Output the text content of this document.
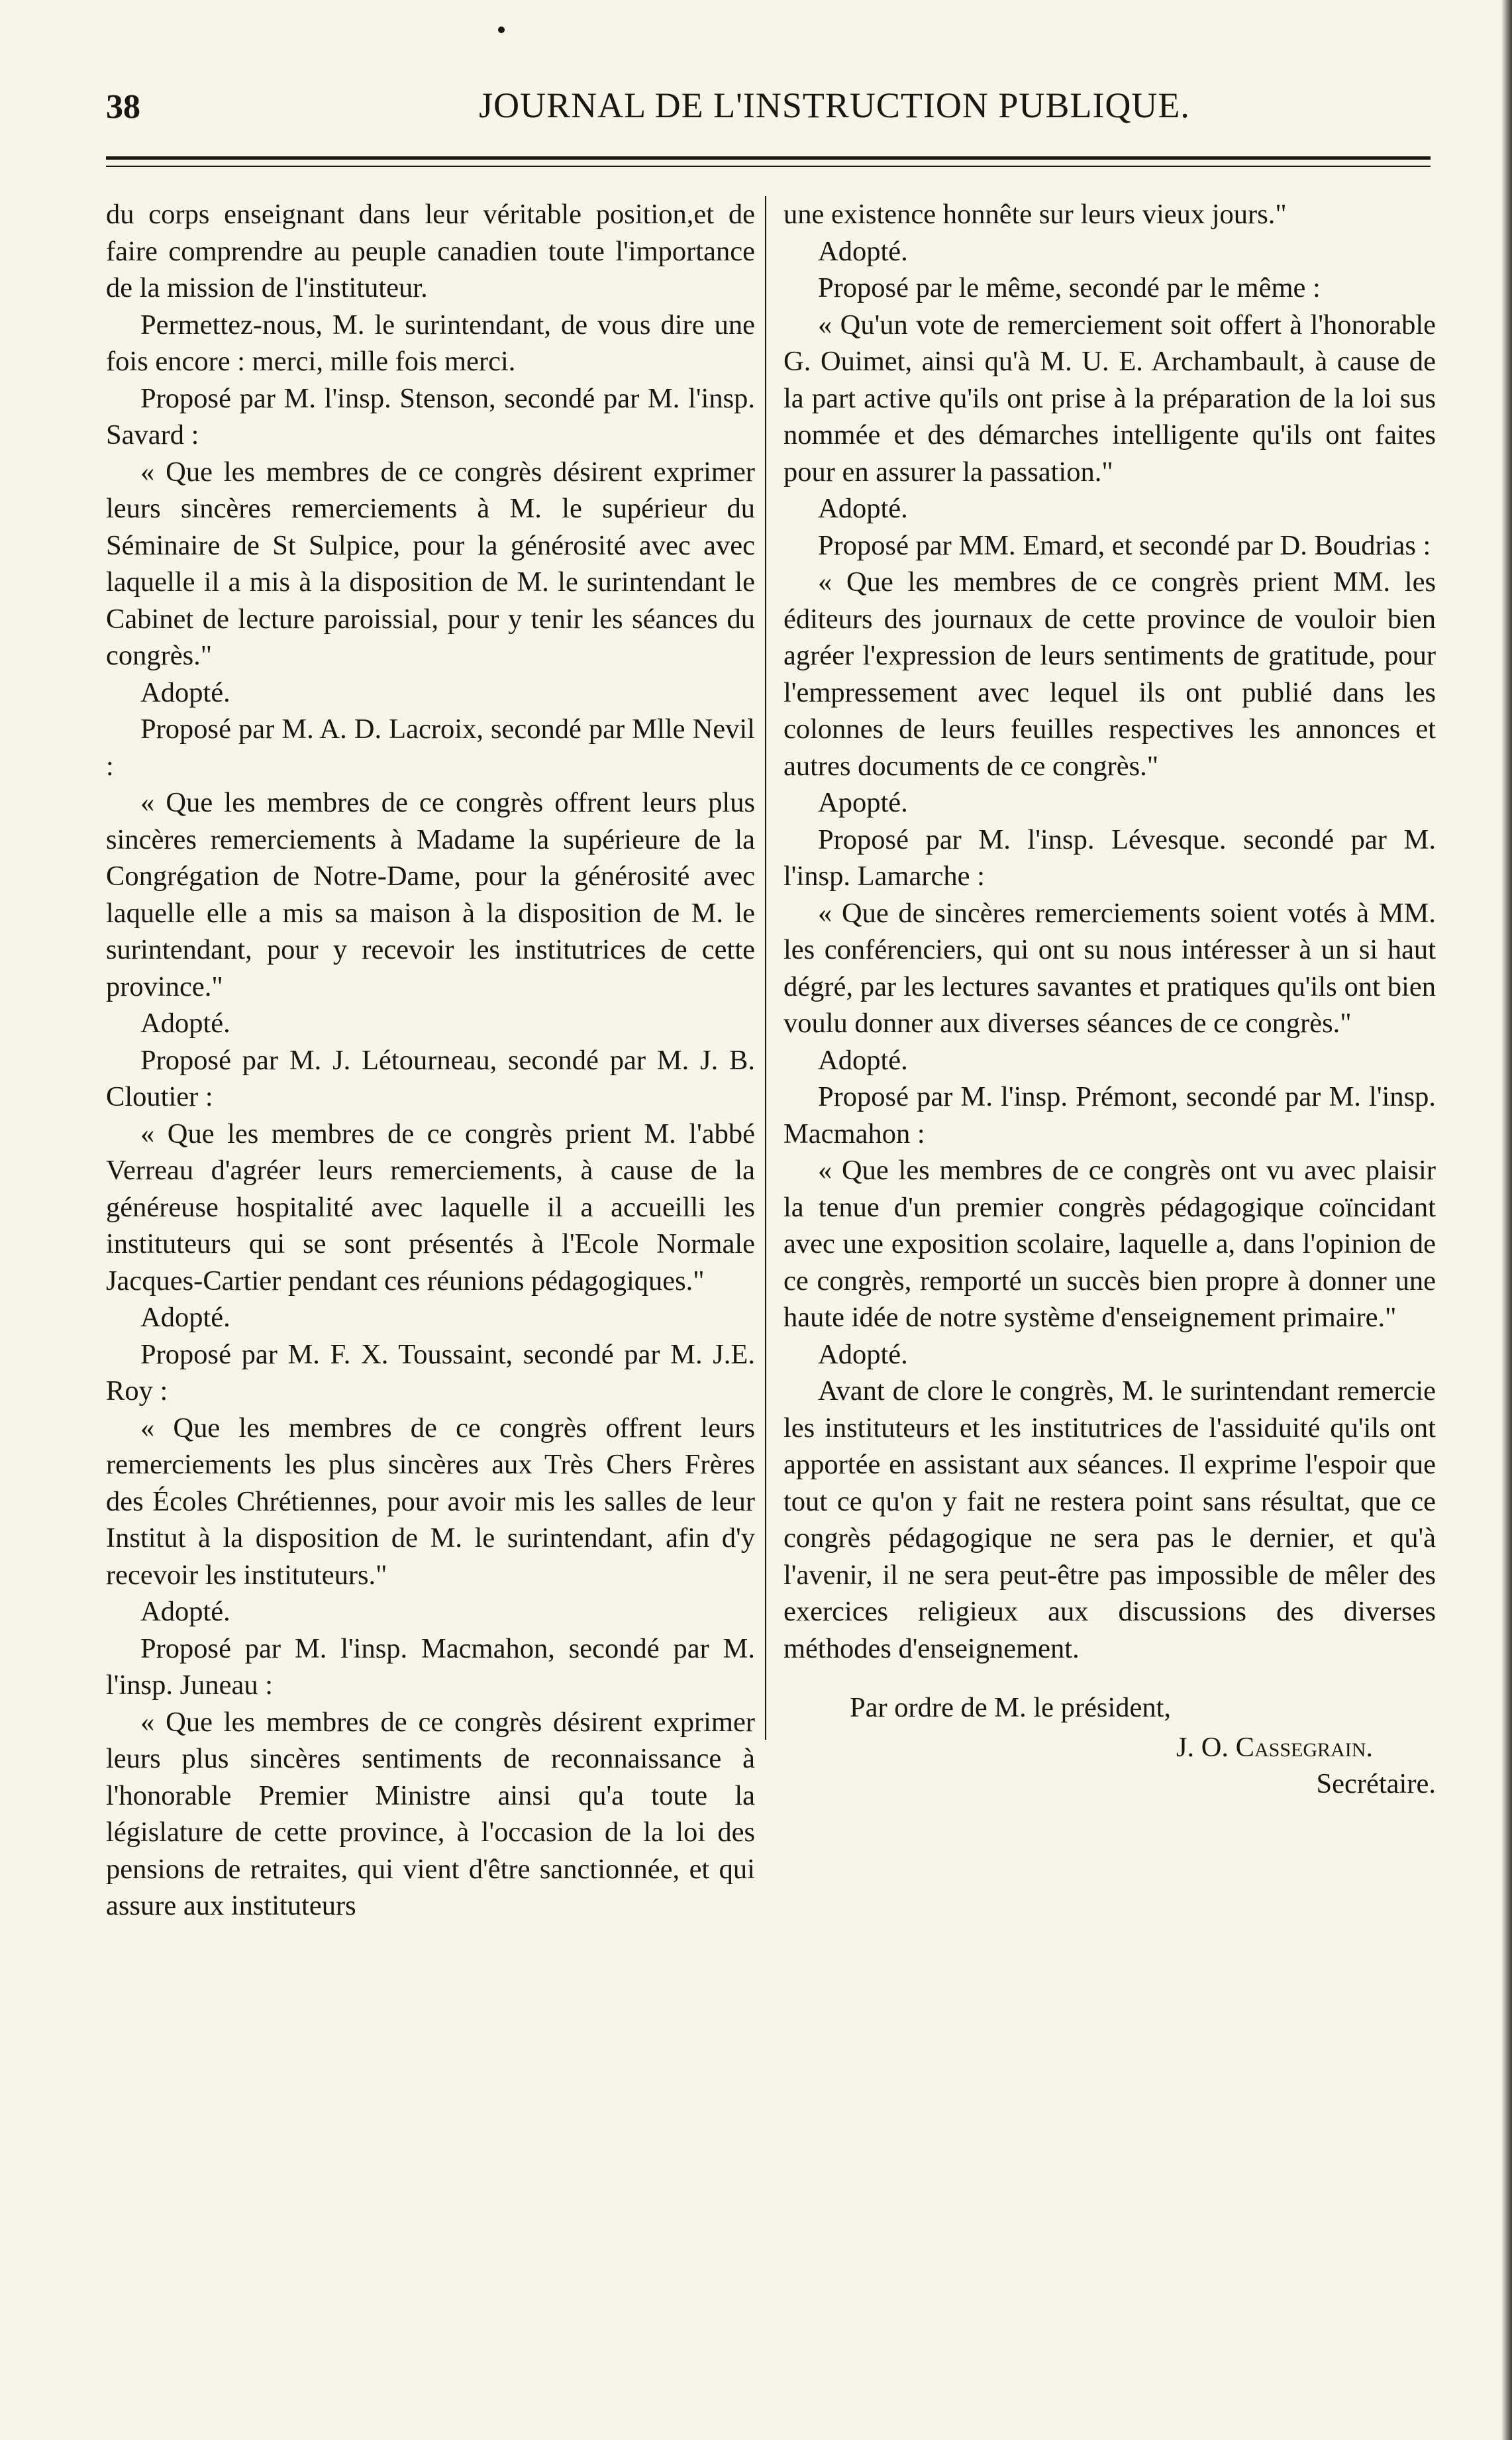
38	JOURNAL DE L'INSTRUCTION PUBLIQUE.

du corps enseignant dans leur véritable position,et de faire comprendre au peuple canadien toute l'importance de la mission de l'instituteur.

Permettez-nous, M. le surintendant, de vous dire une fois encore : merci, mille fois merci.

Proposé par M. l'insp. Stenson, secondé par M. l'insp. Savard :

« Que les membres de ce congrès désirent exprimer leurs sincères remerciements à M. le supérieur du Séminaire de St Sulpice, pour la générosité avec avec laquelle il a mis à la disposition de M. le surintendant le Cabinet de lecture paroissial, pour y tenir les séances du congrès."

Adopté.

Proposé par M. A. D. Lacroix, secondé par Mlle Nevil :

« Que les membres de ce congrès offrent leurs plus sincères remerciements à Madame la supérieure de la Congrégation de Notre-Dame, pour la générosité avec laquelle elle a mis sa maison à la disposition de M. le surintendant, pour y recevoir les institutrices de cette province."

Adopté.

Proposé par M. J. Létourneau, secondé par M. J. B. Cloutier :

« Que les membres de ce congrès prient M. l'abbé Verreau d'agréer leurs remerciements, à cause de la généreuse hospitalité avec laquelle il a accueilli les instituteurs qui se sont présentés à l'Ecole Normale Jacques-Cartier pendant ces réunions pédagogiques."

Adopté.

Proposé par M. F. X. Toussaint, secondé par M. J.E. Roy :

« Que les membres de ce congrès offrent leurs remerciements les plus sincères aux Très Chers Frères des Écoles Chrétiennes, pour avoir mis les salles de leur Institut à la disposition de M. le surintendant, afin d'y recevoir les instituteurs."

Adopté.

Proposé par M. l'insp. Macmahon, secondé par M. l'insp. Juneau :

« Que les membres de ce congrès désirent exprimer leurs plus sincères sentiments de reconnaissance à l'honorable Premier Ministre ainsi qu'a toute la législature de cette province, à l'occasion de la loi des pensions de retraites, qui vient d'être sanctionnée, et qui assure aux instituteurs

une existence honnête sur leurs vieux jours."

Adopté.

Proposé par le même, secondé par le même :

« Qu'un vote de remerciement soit offert à l'honorable G. Ouimet, ainsi qu'à M. U. E. Archambault, à cause de la part active qu'ils ont prise à la préparation de la loi sus nommée et des démarches intelligente qu'ils ont faites pour en assurer la passation."

Adopté.

Proposé par MM. Emard, et secondé par D. Boudrias :

« Que les membres de ce congrès prient MM. les éditeurs des journaux de cette province de vouloir bien agréer l'expression de leurs sentiments de gratitude, pour l'empressement avec lequel ils ont publié dans les colonnes de leurs feuilles respectives les annonces et autres documents de ce congrès."

Apopté.

Proposé par M. l'insp. Lévesque. secondé par M. l'insp. Lamarche :

« Que de sincères remerciements soient votés à MM. les conférenciers, qui ont su nous intéresser à un si haut dégré, par les lectures savantes et pratiques qu'ils ont bien voulu donner aux diverses séances de ce congrès."

Adopté.

Proposé par M. l'insp. Prémont, secondé par M. l'insp. Macmahon :

« Que les membres de ce congrès ont vu avec plaisir la tenue d'un premier congrès pédagogique coïncidant avec une exposition scolaire, laquelle a, dans l'opinion de ce congrès, remporté un succès bien propre à donner une haute idée de notre système d'enseignement primaire."

Adopté.

Avant de clore le congrès, M. le surintendant remercie les instituteurs et les institutrices de l'assiduité qu'ils ont apportée en assistant aux séances. Il exprime l'espoir que tout ce qu'on y fait ne restera point sans résultat, que ce congrès pédagogique ne sera pas le dernier, et qu'à l'avenir, il ne sera peut-être pas impossible de mêler des exercices religieux aux discussions des diverses méthodes d'enseignement.

Par ordre de M. le président,

J. O. Cassegrain.

Secrétaire.
